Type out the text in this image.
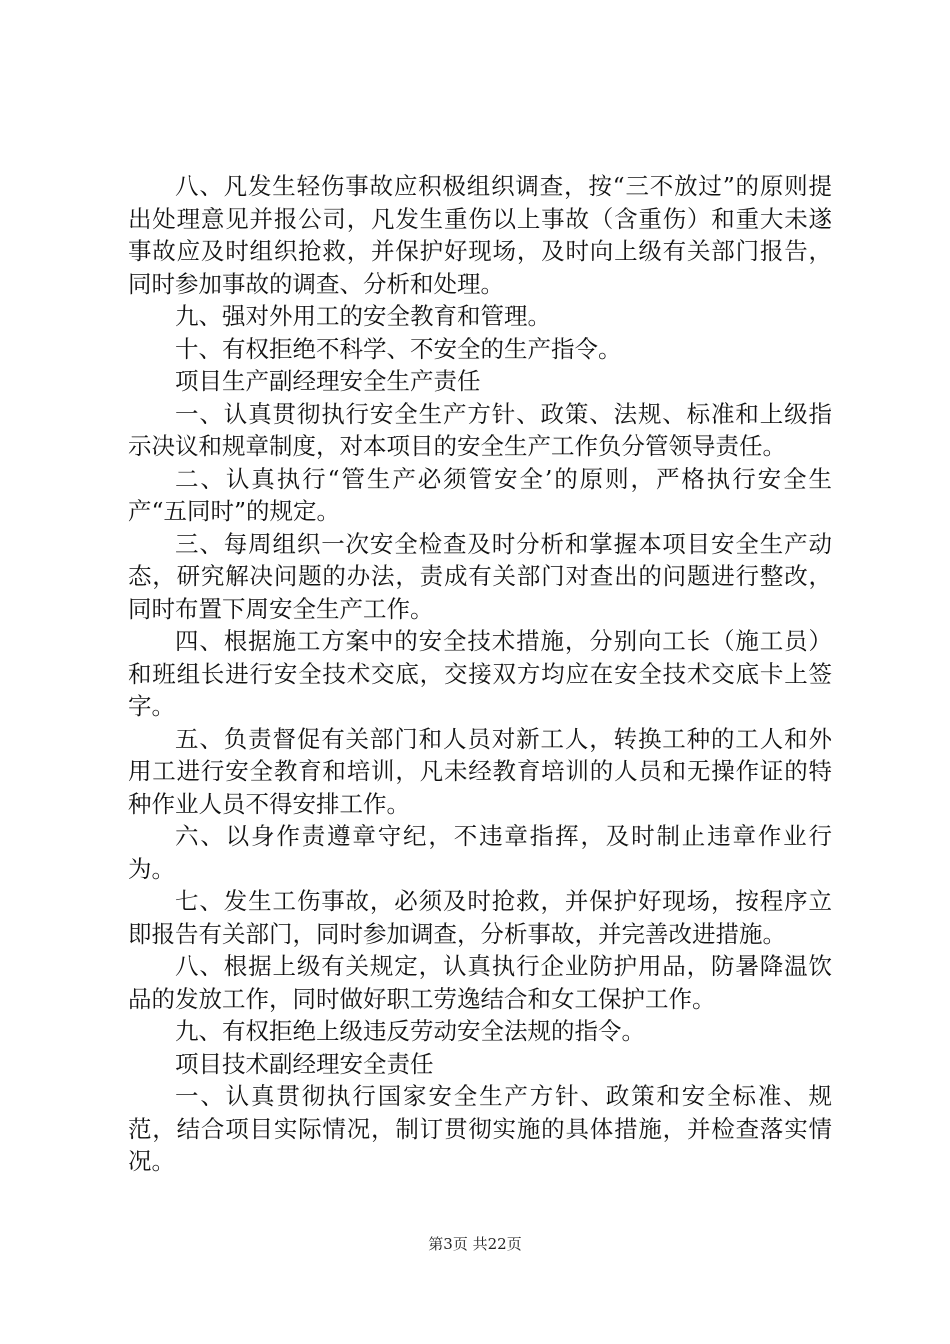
八、凡发生轻伤事故应积极组织调查，按“三不放过”的原则提出处理意见并报公司，凡发生重伤以上事故（含重伤）和重大未遂事故应及时组织抢救，并保护好现场，及时向上级有关部门报告，同时参加事故的调查、分析和处理。

九、强对外用工的安全教育和管理。

十、有权拒绝不科学、不安全的生产指令。

项目生产副经理安全生产责任

一、认真贯彻执行安全生产方针、政策、法规、标准和上级指示决议和规章制度，对本项目的安全生产工作负分管领导责任。

二、认真执行“管生产必须管安全’的原则，严格执行安全生产“五同时”的规定。

三、每周组织一次安全检查及时分析和掌握本项目安全生产动态，研究解决问题的办法，责成有关部门对查出的问题进行整改，同时布置下周安全生产工作。

四、根据施工方案中的安全技术措施，分别向工长（施工员）和班组长进行安全技术交底，交接双方均应在安全技术交底卡上签字。

五、负责督促有关部门和人员对新工人，转换工种的工人和外用工进行安全教育和培训，凡未经教育培训的人员和无操作证的特种作业人员不得安排工作。

六、以身作责遵章守纪，不违章指挥，及时制止违章作业行为。

七、发生工伤事故，必须及时抢救，并保护好现场，按程序立即报告有关部门，同时参加调查，分析事故，并完善改进措施。

八、根据上级有关规定，认真执行企业防护用品，防暑降温饮品的发放工作，同时做好职工劳逸结合和女工保护工作。

九、有权拒绝上级违反劳动安全法规的指令。

项目技术副经理安全责任

一、认真贯彻执行国家安全生产方针、政策和安全标准、规范，结合项目实际情况，制订贯彻实施的具体措施，并检查落实情况。

第3页 共22页
